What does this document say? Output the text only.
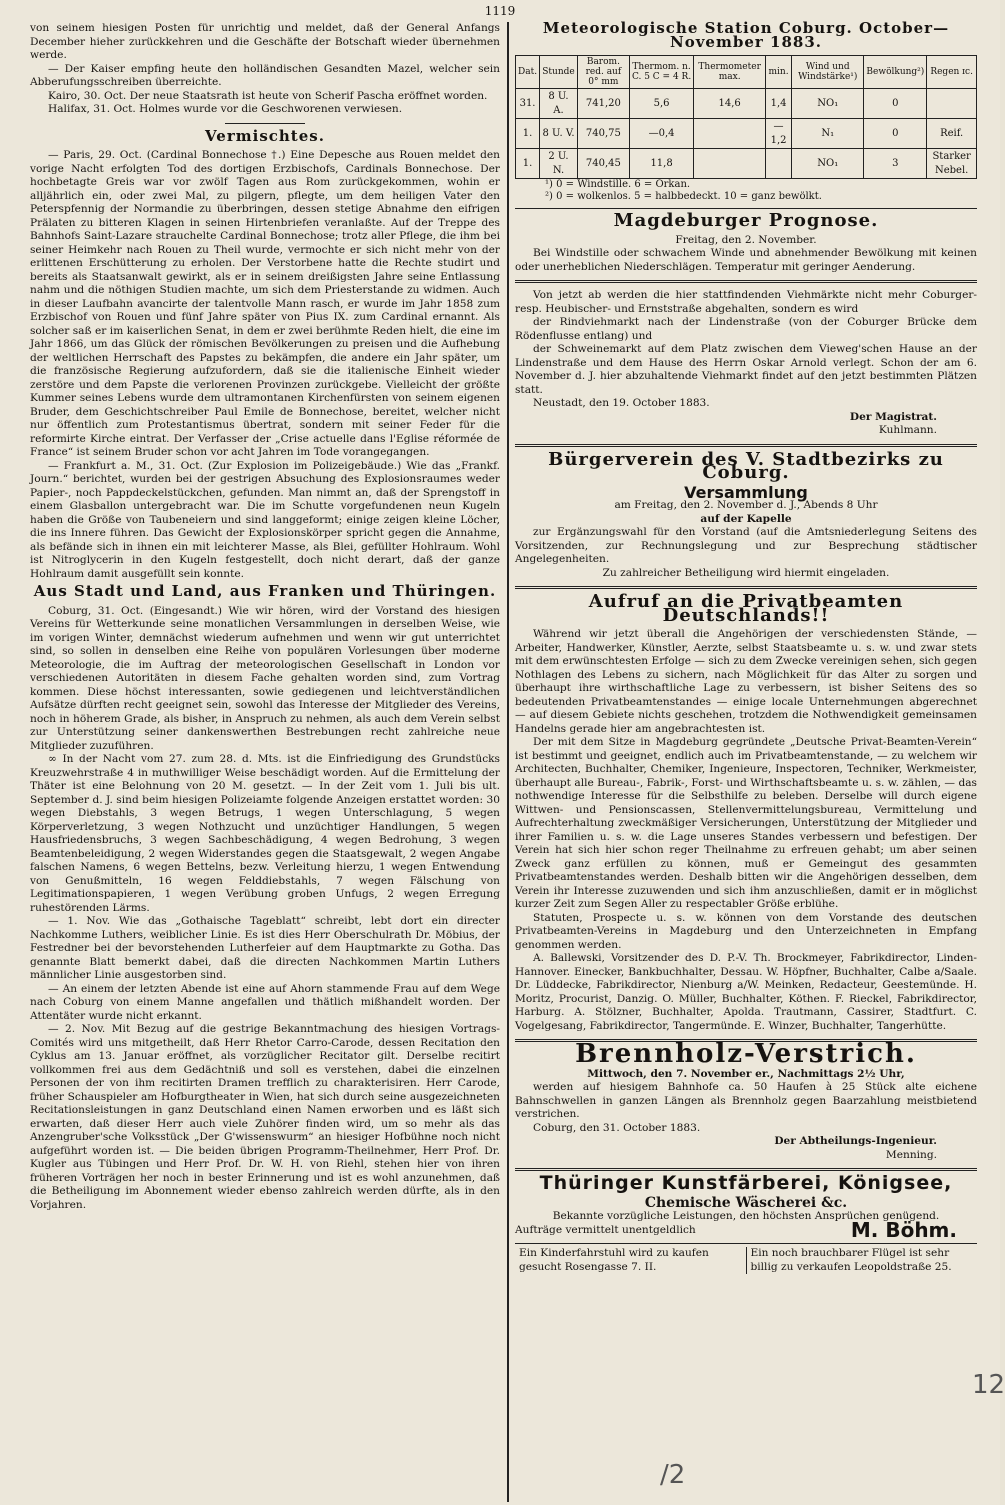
1119

von seinem hiesigen Posten für unrichtig und meldet, daß der General Anfangs December hieher zurückkehren und die Geschäfte der Botschaft wieder übernehmen werde.

— Der Kaiser empfing heute den holländischen Gesandten Mazel, welcher sein Abberufungsschreiben überreichte.

Kairo, 30. Oct. Der neue Staatsrath ist heute von Scherif Pascha eröffnet worden.

Halifax, 31. Oct. Holmes wurde vor die Geschworenen verwiesen.

Vermischtes.

— Paris, 29. Oct. (Cardinal Bonnechose †.) Eine Depesche aus Rouen meldet den vorige Nacht erfolgten Tod des dortigen Erzbischofs, Cardinals Bonnechose. Der hochbetagte Greis war vor zwölf Tagen aus Rom zurückgekommen, wohin er alljährlich ein, oder zwei Mal, zu pilgern, pflegte, um dem heiligen Vater den Peterspfennig der Normandie zu überbringen, dessen stetige Abnahme den eifrigen Prälaten zu bitteren Klagen in seinen Hirtenbriefen veranlaßte. Auf der Treppe des Bahnhofs Saint-Lazare strauchelte Cardinal Bonnechose; trotz aller Pflege, die ihm bei seiner Heimkehr nach Rouen zu Theil wurde, vermochte er sich nicht mehr von der erlittenen Erschütterung zu erholen. Der Verstorbene hatte die Rechte studirt und bereits als Staatsanwalt gewirkt, als er in seinem dreißigsten Jahre seine Entlassung nahm und die nöthigen Studien machte, um sich dem Priesterstande zu widmen. Auch in dieser Laufbahn avancirte der talentvolle Mann rasch, er wurde im Jahr 1858 zum Erzbischof von Rouen und fünf Jahre später von Pius IX. zum Cardinal ernannt. Als solcher saß er im kaiserlichen Senat, in dem er zwei berühmte Reden hielt, die eine im Jahr 1866, um das Glück der römischen Bevölkerungen zu preisen und die Aufhebung der weltlichen Herrschaft des Papstes zu bekämpfen, die andere ein Jahr später, um die französische Regierung aufzufordern, daß sie die italienische Einheit wieder zerstöre und dem Papste die verlorenen Provinzen zurückgebe. Vielleicht der größte Kummer seines Lebens wurde dem ultramontanen Kirchenfürsten von seinem eigenen Bruder, dem Geschichtschreiber Paul Emile de Bonnechose, bereitet, welcher nicht nur öffentlich zum Protestantismus übertrat, sondern mit seiner Feder für die reformirte Kirche eintrat. Der Verfasser der „Crise actuelle dans l'Eglise réformée de France“ ist seinem Bruder schon vor acht Jahren im Tode vorangegangen.

— Frankfurt a. M., 31. Oct. (Zur Explosion im Polizeigebäude.) Wie das „Frankf. Journ.“ berichtet, wurden bei der gestrigen Absuchung des Explosionsraumes weder Papier-, noch Pappdeckelstückchen, gefunden. Man nimmt an, daß der Sprengstoff in einem Glasballon untergebracht war. Die im Schutte vorgefundenen neun Kugeln haben die Größe von Taubeneiern und sind langgeformt; einige zeigen kleine Löcher, die ins Innere führen. Das Gewicht der Explosionskörper spricht gegen die Annahme, als befände sich in ihnen ein mit leichterer Masse, als Blei, gefüllter Hohlraum. Wohl ist Nitroglycerin in den Kugeln festgestellt, doch nicht derart, daß der ganze Hohlraum damit ausgefüllt sein konnte.

Aus Stadt und Land, aus Franken und Thüringen.

Coburg, 31. Oct. (Eingesandt.) Wie wir hören, wird der Vorstand des hiesigen Vereins für Wetterkunde seine monatlichen Versammlungen in derselben Weise, wie im vorigen Winter, demnächst wiederum aufnehmen und wenn wir gut unterrichtet sind, so sollen in denselben eine Reihe von populären Vorlesungen über moderne Meteorologie, die im Auftrag der meteorologischen Gesellschaft in London vor verschiedenen Autoritäten in diesem Fache gehalten worden sind, zum Vortrag kommen. Diese höchst interessanten, sowie gediegenen und leichtverständlichen Aufsätze dürften recht geeignet sein, sowohl das Interesse der Mitglieder des Vereins, noch in höherem Grade, als bisher, in Anspruch zu nehmen, als auch dem Verein selbst zur Unterstützung seiner dankenswerthen Bestrebungen recht zahlreiche neue Mitglieder zuzuführen.

∞ In der Nacht vom 27. zum 28. d. Mts. ist die Einfriedigung des Grundstücks Kreuzwehrstraße 4 in muthwilliger Weise beschädigt worden. Auf die Ermittelung der Thäter ist eine Belohnung von 20 M. gesetzt. — In der Zeit vom 1. Juli bis ult. September d. J. sind beim hiesigen Polizeiamte folgende Anzeigen erstattet worden: 30 wegen Diebstahls, 3 wegen Betrugs, 1 wegen Unterschlagung, 5 wegen Körperverletzung, 3 wegen Nothzucht und unzüchtiger Handlungen, 5 wegen Hausfriedensbruchs, 3 wegen Sachbeschädigung, 4 wegen Bedrohung, 3 wegen Beamtenbeleidigung, 2 wegen Widerstandes gegen die Staatsgewalt, 2 wegen Angabe falschen Namens, 6 wegen Bettelns, bezw. Verleitung hierzu, 1 wegen Entwendung von Genußmitteln, 16 wegen Felddiebstahls, 7 wegen Fälschung von Legitimationspapieren, 1 wegen Verübung groben Unfugs, 2 wegen Erregung ruhestörenden Lärms.

— 1. Nov. Wie das „Gothaische Tageblatt“ schreibt, lebt dort ein directer Nachkomme Luthers, weiblicher Linie. Es ist dies Herr Oberschulrath Dr. Möbius, der Festredner bei der bevorstehenden Lutherfeier auf dem Hauptmarkte zu Gotha. Das genannte Blatt bemerkt dabei, daß die directen Nachkommen Martin Luthers männlicher Linie ausgestorben sind.

— An einem der letzten Abende ist eine auf Ahorn stammende Frau auf dem Wege nach Coburg von einem Manne angefallen und thätlich mißhandelt worden. Der Attentäter wurde nicht erkannt.

— 2. Nov. Mit Bezug auf die gestrige Bekanntmachung des hiesigen Vortrags-Comités wird uns mitgetheilt, daß Herr Rhetor Carro-Carode, dessen Recitation den Cyklus am 13. Januar eröffnet, als vorzüglicher Recitator gilt. Derselbe recitirt vollkommen frei aus dem Gedächtniß und soll es verstehen, dabei die einzelnen Personen der von ihm recitirten Dramen trefflich zu charakterisiren. Herr Carode, früher Schauspieler am Hofburgtheater in Wien, hat sich durch seine ausgezeichneten Recitationsleistungen in ganz Deutschland einen Namen erworben und es läßt sich erwarten, daß dieser Herr auch viele Zuhörer finden wird, um so mehr als das Anzengruber'sche Volksstück „Der G'wissenswurm“ an hiesiger Hofbühne noch nicht aufgeführt worden ist. — Die beiden übrigen Programm-Theilnehmer, Herr Prof. Dr. Kugler aus Tübingen und Herr Prof. Dr. W. H. von Riehl, stehen hier von ihren früheren Vorträgen her noch in bester Erinnerung und ist es wohl anzunehmen, daß die Betheiligung im Abonnement wieder ebenso zahlreich werden dürfte, als in den Vorjahren.

Meteorologische Station Coburg. October—November 1883.
Dat.	Stunde	Barom. red. auf 0° mm	Thermom. n. C. 5 C = 4 R.	Thermometer max.	min.	Wind und Windstärke¹)	Bewölkung²)	Regen ɪc.
31.	8 U. A.	741,20	5,6	14,6	1,4	NO₁	0	
1.	8 U. V.	740,75	—0,4		—1,2	N₁	0	Reif.
1.	2 U. N.	740,45	11,8			NO₁	3	Starker Nebel.
¹) 0 = Windstille. 6 = Orkan.
²) 0 = wolkenlos. 5 = halbbedeckt. 10 = ganz bewölkt.
Magdeburger Prognose.
Freitag, den 2. November.

Bei Windstille oder schwachem Winde und abnehmender Bewölkung mit keinen oder unerheblichen Niederschlägen. Temperatur mit geringer Aenderung.

Von jetzt ab werden die hier stattfindenden Viehmärkte nicht mehr Coburger- resp. Heubischer- und Ernststraße abgehalten, sondern es wird

der Rindviehmarkt nach der Lindenstraße (von der Coburger Brücke dem Rödenflusse entlang) und

der Schweinemarkt auf dem Platz zwischen dem Vieweg'schen Hause an der Lindenstraße und dem Hause des Herrn Oskar Arnold verlegt. Schon der am 6. November d. J. hier abzuhaltende Viehmarkt findet auf den jetzt bestimmten Plätzen statt.

Neustadt, den 19. October 1883.

Der Magistrat.
Kuhlmann.
Bürgerverein des V. Stadtbezirks zu Coburg.
Versammlung
am Freitag, den 2. November d. J., Abends 8 Uhr
auf der Kapelle

zur Ergänzungswahl für den Vorstand (auf die Amtsniederlegung Seitens des Vorsitzenden, zur Rechnungslegung und zur Besprechung städtischer Angelegenheiten.

Zu zahlreicher Betheiligung wird hiermit eingeladen.
Aufruf an die Privatbeamten Deutschlands!!

Während wir jetzt überall die Angehörigen der verschiedensten Stände, — Arbeiter, Handwerker, Künstler, Aerzte, selbst Staatsbeamte u. s. w. und zwar stets mit dem erwünschtesten Erfolge — sich zu dem Zwecke vereinigen sehen, sich gegen Nothlagen des Lebens zu sichern, nach Möglichkeit für das Alter zu sorgen und überhaupt ihre wirthschaftliche Lage zu verbessern, ist bisher Seitens des so bedeutenden Privatbeamtenstandes — einige locale Unternehmungen abgerechnet — auf diesem Gebiete nichts geschehen, trotzdem die Nothwendigkeit gemeinsamen Handelns gerade hier am angebrachtesten ist.

Der mit dem Sitze in Magdeburg gegründete „Deutsche Privat-Beamten-Verein“ ist bestimmt und geeignet, endlich auch im Privatbeamtenstande, — zu welchem wir Architecten, Buchhalter, Chemiker, Ingenieure, Inspectoren, Techniker, Werkmeister, überhaupt alle Bureau-, Fabrik-, Forst- und Wirthschaftsbeamte u. s. w. zählen, — das nothwendige Interesse für die Selbsthilfe zu beleben. Derselbe will durch eigene Wittwen- und Pensionscassen, Stellenvermittelungsbureau, Vermittelung und Aufrechterhaltung zweckmäßiger Versicherungen, Unterstützung der Mitglieder und ihrer Familien u. s. w. die Lage unseres Standes verbessern und befestigen. Der Verein hat sich hier schon reger Theilnahme zu erfreuen gehabt; um aber seinen Zweck ganz erfüllen zu können, muß er Gemeingut des gesammten Privatbeamtenstandes werden. Deshalb bitten wir die Angehörigen desselben, dem Verein ihr Interesse zuzuwenden und sich ihm anzuschließen, damit er in möglichst kurzer Zeit zum Segen Aller zu respectabler Größe erblühe.

Statuten, Prospecte u. s. w. können von dem Vorstande des deutschen Privatbeamten-Vereins in Magdeburg und den Unterzeichneten in Empfang genommen werden.

A. Ballewski, Vorsitzender des D. P.-V. Th. Brockmeyer, Fabrikdirector, Linden-Hannover. Einecker, Bankbuchhalter, Dessau. W. Höpfner, Buchhalter, Calbe a/Saale. Dr. Lüddecke, Fabrikdirector, Nienburg a/W. Meinken, Redacteur, Geestemünde. H. Moritz, Procurist, Danzig. O. Müller, Buchhalter, Köthen. F. Rieckel, Fabrikdirector, Harburg. A. Stölzner, Buchhalter, Apolda. Trautmann, Cassirer, Stadtfurt. C. Vogelgesang, Fabrikdirector, Tangermünde. E. Winzer, Buchhalter, Tangerhütte.

Brennholz-Verstrich.
Mittwoch, den 7. November er., Nachmittags 2½ Uhr,

werden auf hiesigem Bahnhofe ca. 50 Haufen à 25 Stück alte eichene Bahnschwellen in ganzen Längen als Brennholz gegen Baarzahlung meistbietend verstrichen.

Coburg, den 31. October 1883.

Der Abtheilungs-Ingenieur.
Menning.
Thüringer Kunstfärberei, Königsee,
Chemische Wäscherei &c.
Bekannte vorzügliche Leistungen, den höchsten Ansprüchen genügend.
Aufträge vermittelt unentgeldlich	M. Böhm.
Ein Kinderfahrstuhl wird zu kaufen gesucht Rosengasse 7. II.
Ein noch brauchbarer Flügel ist sehr billig zu verkaufen Leopoldstraße 25.
/2
12
